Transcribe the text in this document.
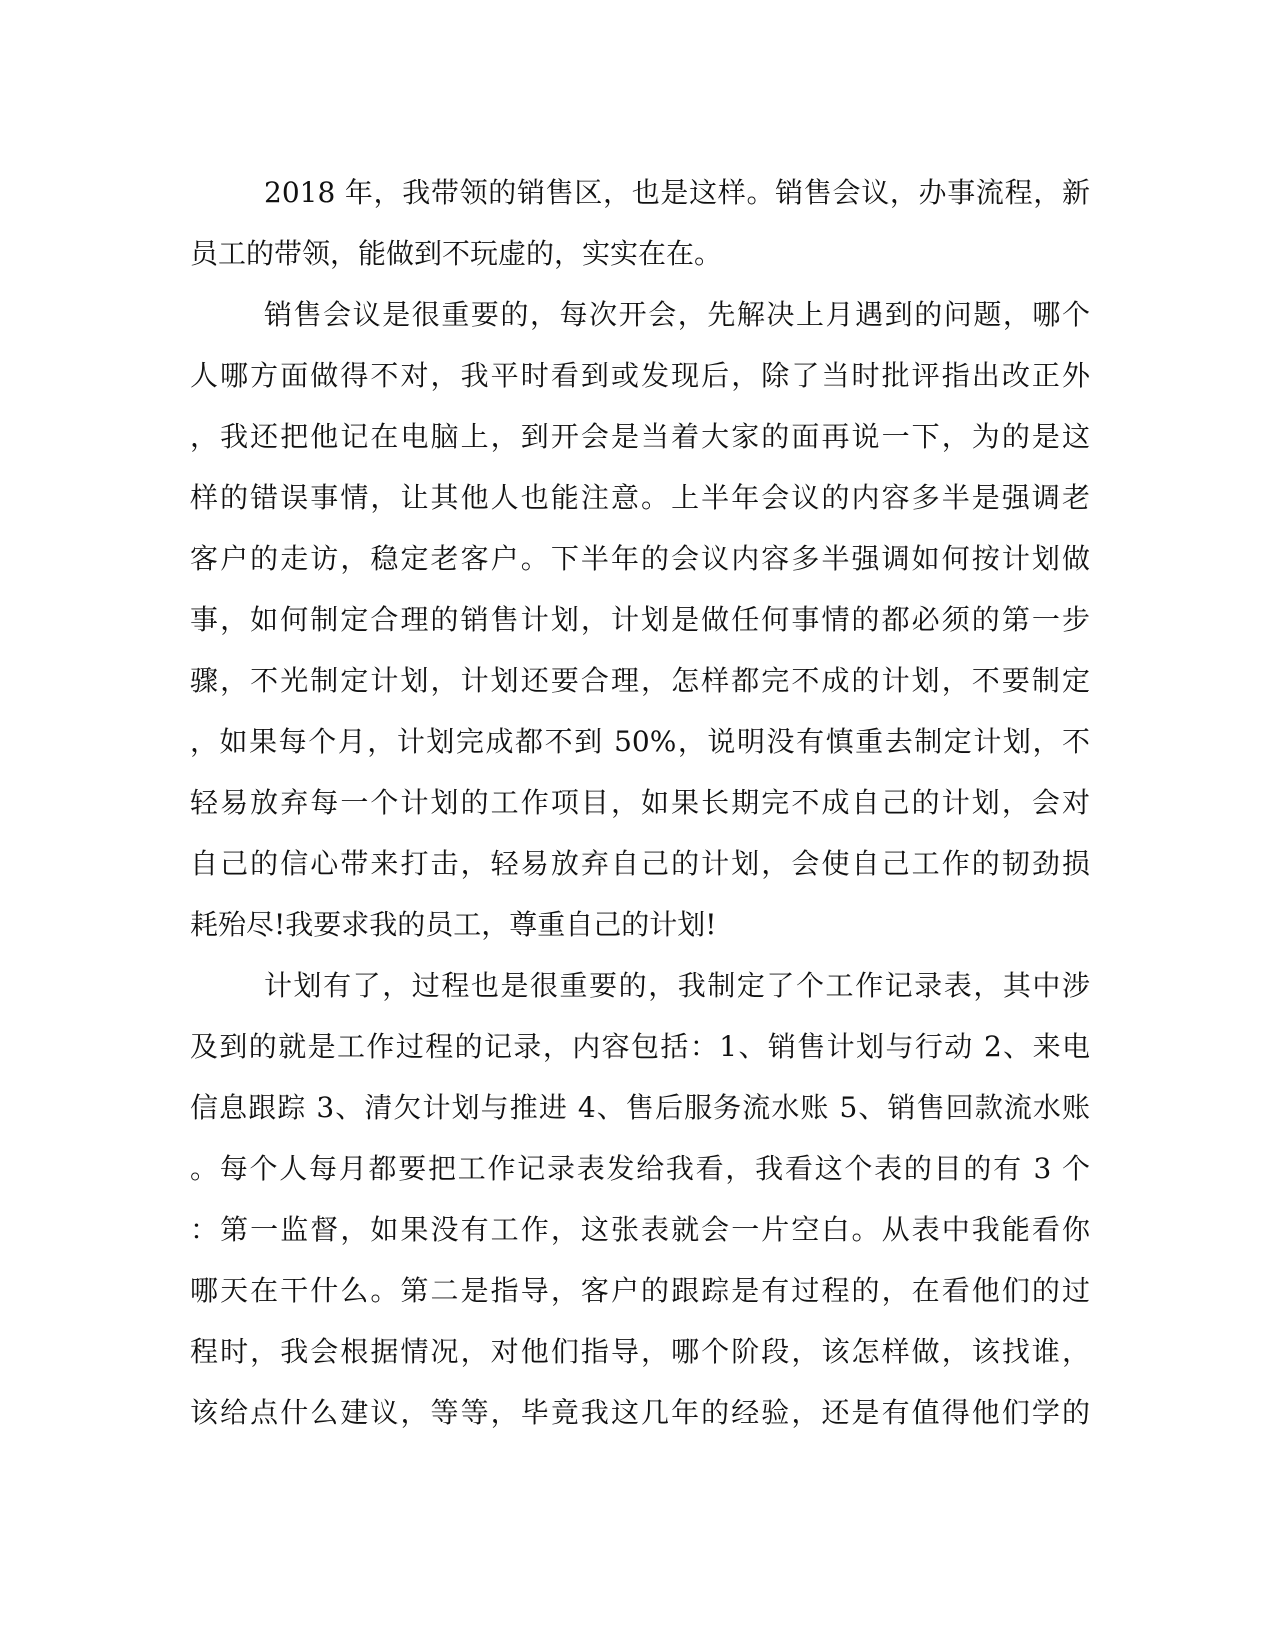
2018 年，我带领的销售区，也是这样。销售会议，办事流程，新
员工的带领，能做到不玩虚的，实实在在。
销售会议是很重要的，每次开会，先解决上月遇到的问题，哪个
人哪方面做得不对，我平时看到或发现后，除了当时批评指出改正外
，我还把他记在电脑上，到开会是当着大家的面再说一下，为的是这
样的错误事情，让其他人也能注意。上半年会议的内容多半是强调老
客户的走访，稳定老客户。下半年的会议内容多半强调如何按计划做
事，如何制定合理的销售计划，计划是做任何事情的都必须的第一步
骤，不光制定计划，计划还要合理，怎样都完不成的计划，不要制定
，如果每个月，计划完成都不到 50%，说明没有慎重去制定计划，不
轻易放弃每一个计划的工作项目，如果长期完不成自己的计划，会对
自己的信心带来打击，轻易放弃自己的计划，会使自己工作的韧劲损
耗殆尽!我要求我的员工，尊重自己的计划!
计划有了，过程也是很重要的，我制定了个工作记录表，其中涉
及到的就是工作过程的记录，内容包括：1、销售计划与行动 2、来电
信息跟踪 3、清欠计划与推进 4、售后服务流水账 5、销售回款流水账
。每个人每月都要把工作记录表发给我看，我看这个表的目的有 3 个
：第一监督，如果没有工作，这张表就会一片空白。从表中我能看你
哪天在干什么。第二是指导，客户的跟踪是有过程的，在看他们的过
程时，我会根据情况，对他们指导，哪个阶段，该怎样做，该找谁，
该给点什么建议，等等，毕竟我这几年的经验，还是有值得他们学的
